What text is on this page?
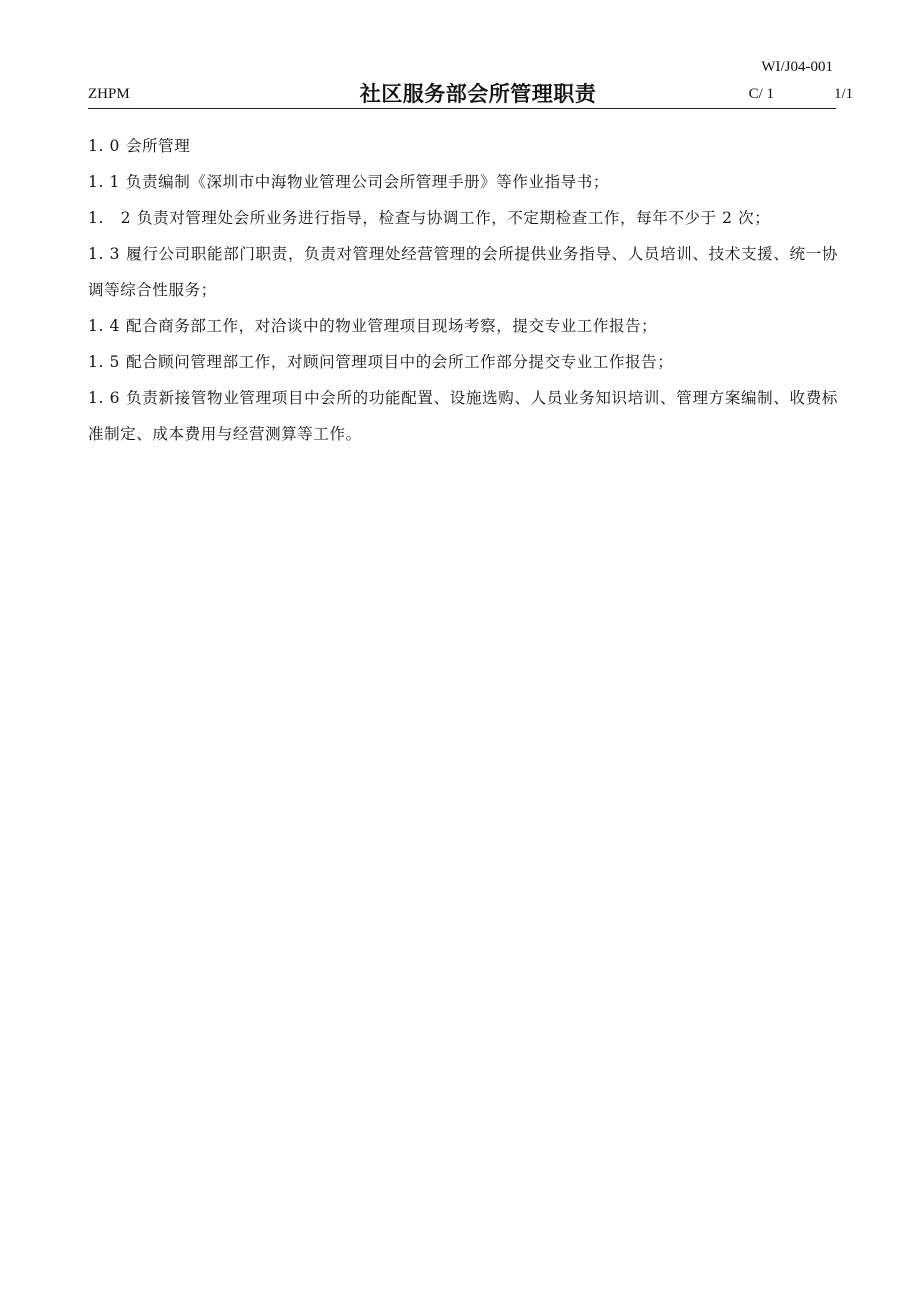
WI/J04-001
ZHPM	社区服务部会所管理职责	C/ 1	1/1

1. 0 会所管理

1. 1 负责编制《深圳市中海物业管理公司会所管理手册》等作业指导书；

1.   2 负责对管理处会所业务进行指导，检查与协调工作，不定期检查工作，每年不少于 2 次；

1. 3 履行公司职能部门职责，负责对管理处经营管理的会所提供业务指导、人员培训、技术支援、统一协调等综合性服务；

1. 4 配合商务部工作，对洽谈中的物业管理项目现场考察，提交专业工作报告；

1. 5 配合顾问管理部工作，对顾问管理项目中的会所工作部分提交专业工作报告；

1. 6 负责新接管物业管理项目中会所的功能配置、设施选购、人员业务知识培训、管理方案编制、收费标准制定、成本费用与经营测算等工作。
